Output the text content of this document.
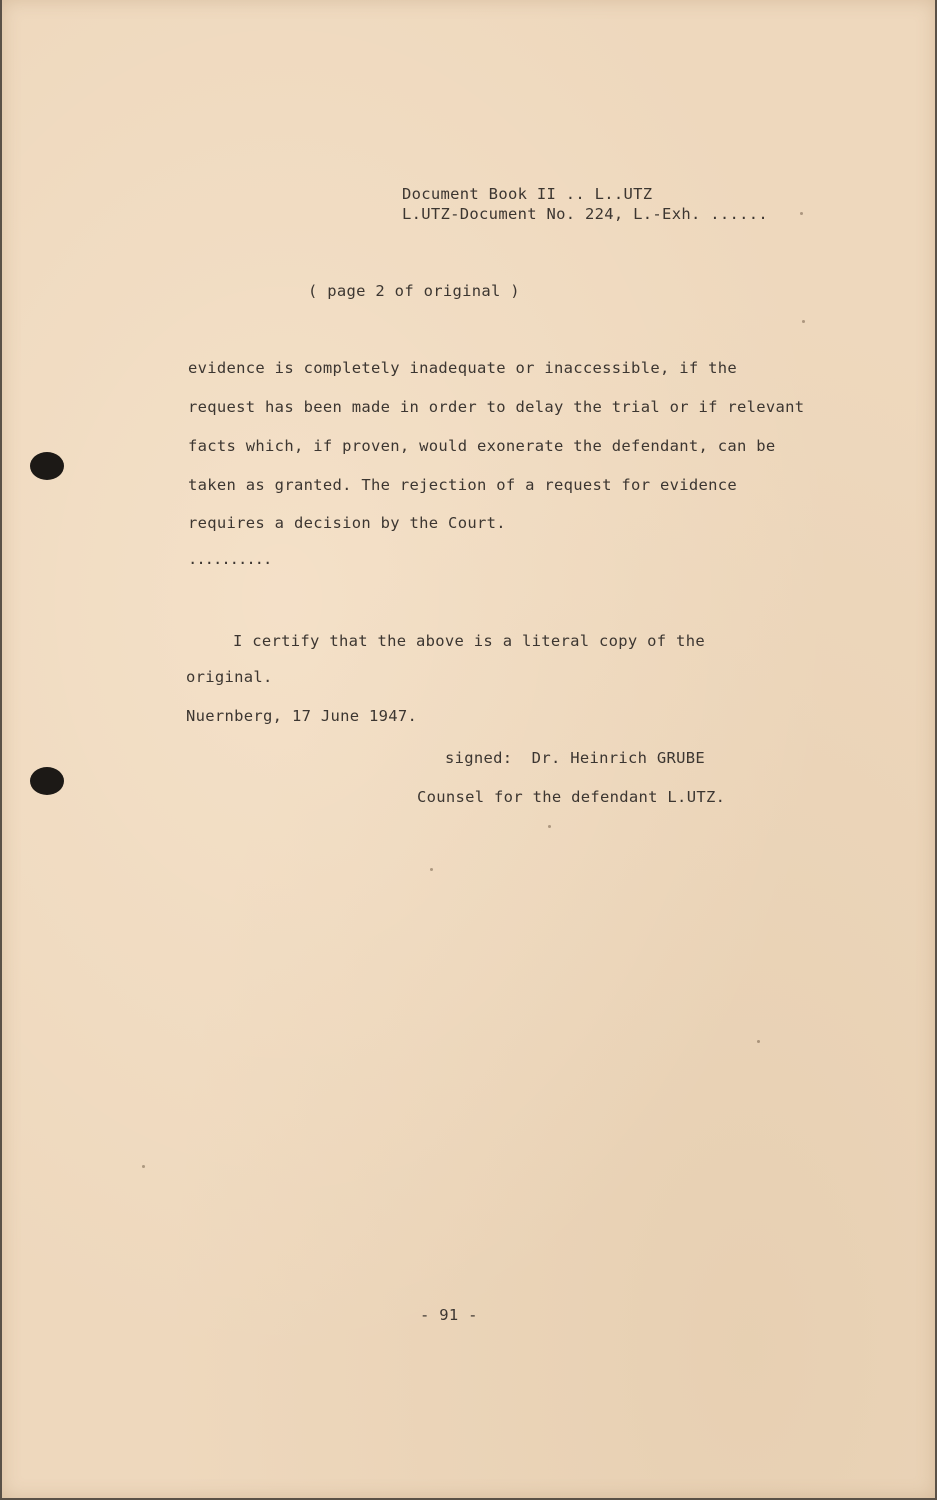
Document Book II .. L..UTZ
L.UTZ-Document No. 224, L.-Exh. ......
( page 2 of original )
evidence is completely inadequate or inaccessible, if the
request has been made in order to delay the trial or if relevant
facts which, if proven, would exonerate the defendant, can be
taken as granted. The rejection of a request for evidence
requires a decision by the Court.
..........
I certify that the above is a literal copy of the
original.
Nuernberg, 17 June 1947.
signed:  Dr. Heinrich GRUBE
Counsel for the defendant L.UTZ.
- 91 -
